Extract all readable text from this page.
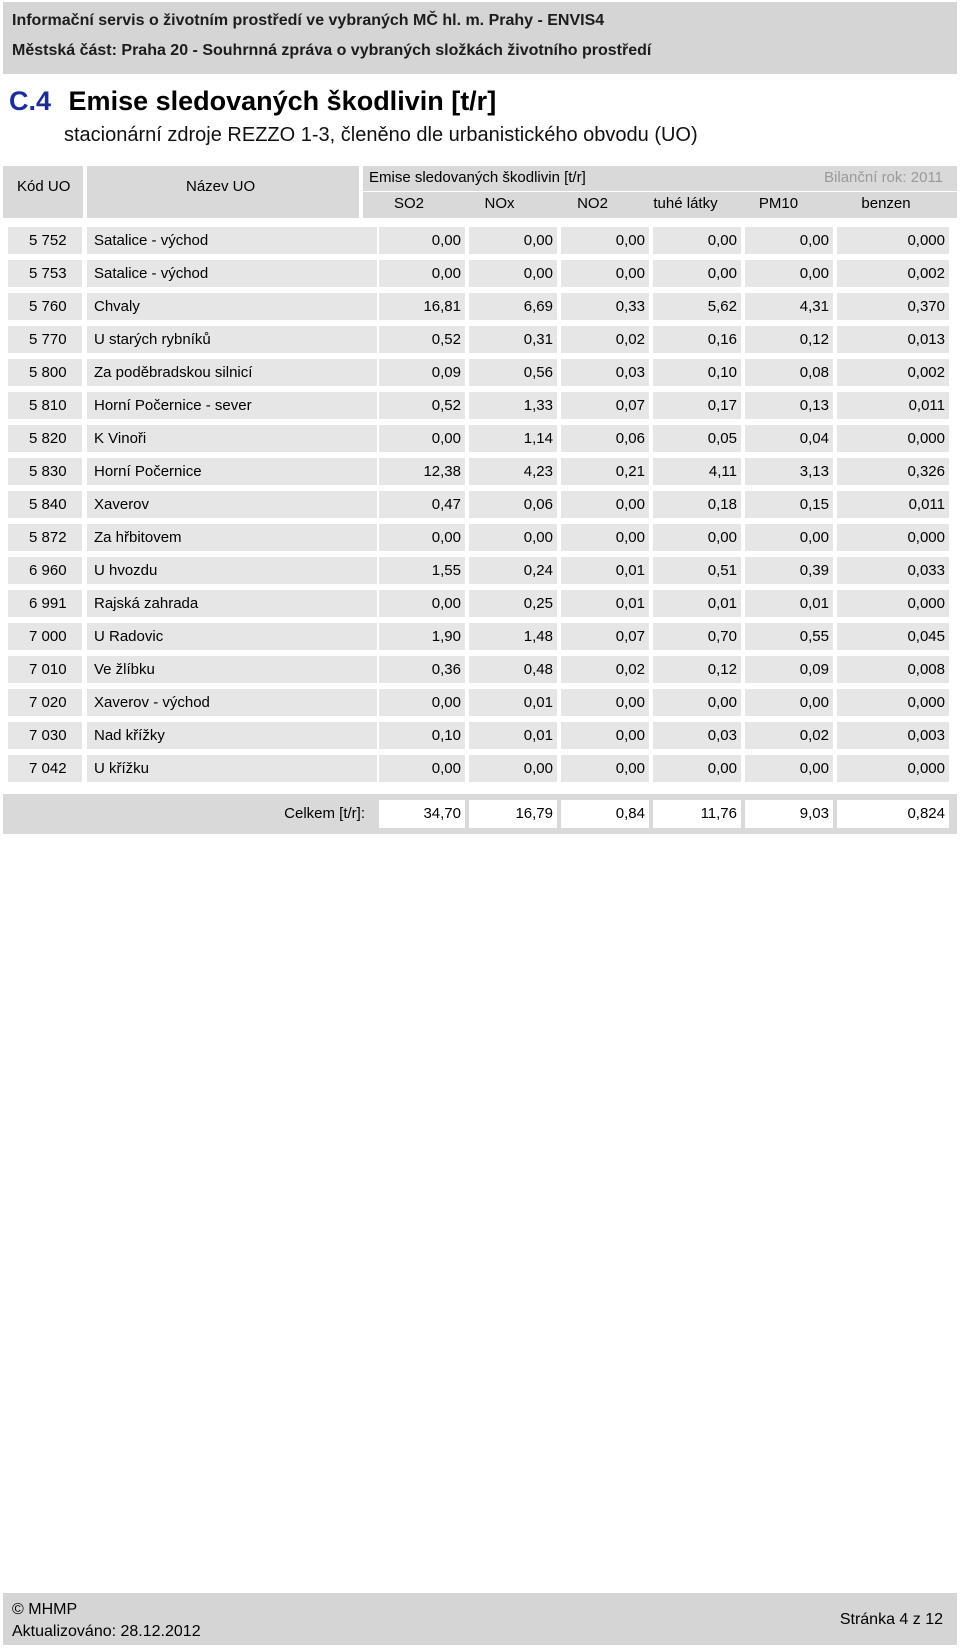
Informační servis o životním prostředí ve vybraných MČ hl. m. Prahy - ENVIS4
Městská část: Praha 20 - Souhrnná zpráva o vybraných složkách životního prostředí
C.4 Emise sledovaných škodlivin [t/r]
stacionární zdroje REZZO 1-3, členěno dle urbanistického obvodu (UO)
Kód UO	Název UO
Emise sledovaných škodlivin [t/r]	Bilanční rok: 2011
SO2	NOx	NO2	tuhé látky	PM10	benzen
5 752	Satalice - východ	0,00	0,00	0,00	0,00	0,00	0,000
5 753	Satalice - východ	0,00	0,00	0,00	0,00	0,00	0,002
5 760	Chvaly	16,81	6,69	0,33	5,62	4,31	0,370
5 770	U starých rybníků	0,52	0,31	0,02	0,16	0,12	0,013
5 800	Za poděbradskou silnicí	0,09	0,56	0,03	0,10	0,08	0,002
5 810	Horní Počernice - sever	0,52	1,33	0,07	0,17	0,13	0,011
5 820	K Vinoři	0,00	1,14	0,06	0,05	0,04	0,000
5 830	Horní Počernice	12,38	4,23	0,21	4,11	3,13	0,326
5 840	Xaverov	0,47	0,06	0,00	0,18	0,15	0,011
5 872	Za hřbitovem	0,00	0,00	0,00	0,00	0,00	0,000
6 960	U hvozdu	1,55	0,24	0,01	0,51	0,39	0,033
6 991	Rajská zahrada	0,00	0,25	0,01	0,01	0,01	0,000
7 000	U Radovic	1,90	1,48	0,07	0,70	0,55	0,045
7 010	Ve žlíbku	0,36	0,48	0,02	0,12	0,09	0,008
7 020	Xaverov - východ	0,00	0,01	0,00	0,00	0,00	0,000
7 030	Nad křížky	0,10	0,01	0,00	0,03	0,02	0,003
7 042	U křížku	0,00	0,00	0,00	0,00	0,00	0,000
Celkem [t/r]:	34,70	16,79	0,84	11,76	9,03	0,824
© MHMP
Aktualizováno: 28.12.2012
Stránka 4 z 12
